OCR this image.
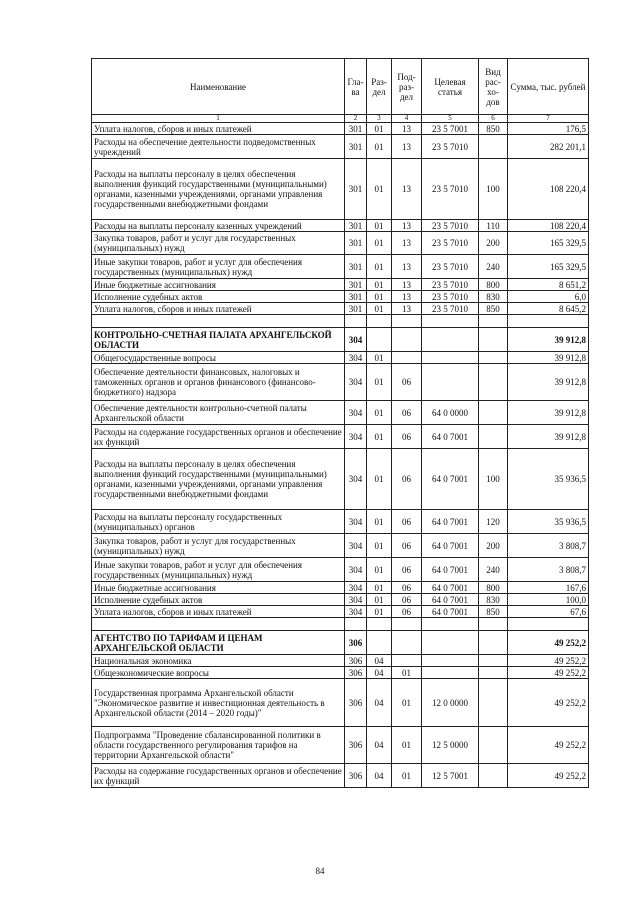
Наименование	Гла-ва	Раз-дел	Под-раз-дел	Целевая статья	Вид рас-хо-дов	Сумма, тыс. рублей
1	2	3	4	5	6	7
Уплата налогов, сборов и иных платежей	301	01	13	23 5 7001	850	176,5
Расходы на обеспечение деятельности подведомственных учреждений	301	01	13	23 5 7010		282 201,1
Расходы на выплаты персоналу в целях обеспечения выполнения функций государственными (муниципальными) органами, казенными учреждениями, органами управления государственными внебюджетными фондами	301	01	13	23 5 7010	100	108 220,4
Расходы на выплаты персоналу казенных учреждений	301	01	13	23 5 7010	110	108 220,4
Закупка товаров, работ и услуг для государственных (муниципальных) нужд	301	01	13	23 5 7010	200	165 329,5
Иные закупки товаров, работ и услуг для обеспечения государственных (муниципальных) нужд	301	01	13	23 5 7010	240	165 329,5
Иные бюджетные ассигнования	301	01	13	23 5 7010	800	8 651,2
Исполнение судебных актов	301	01	13	23 5 7010	830	6,0
Уплата налогов, сборов и иных платежей	301	01	13	23 5 7010	850	8 645,2

КОНТРОЛЬНО-СЧЕТНАЯ ПАЛАТА АРХАНГЕЛЬСКОЙ ОБЛАСТИ	304					39 912,8
Общегосударственные вопросы	304	01				39 912,8
Обеспечение деятельности финансовых, налоговых и таможенных органов и органов финансового (финансово-бюджетного) надзора	304	01	06			39 912,8
Обеспечение деятельности контрольно-счетной палаты Архангельской области	304	01	06	64 0 0000		39 912,8
Расходы на содержание государственных органов и обеспечение их функций	304	01	06	64 0 7001		39 912,8
Расходы на выплаты персоналу в целях обеспечения выполнения функций государственными (муниципальными) органами, казенными учреждениями, органами управления государственными внебюджетными фондами	304	01	06	64 0 7001	100	35 936,5
Расходы на выплаты персоналу государственных (муниципальных) органов	304	01	06	64 0 7001	120	35 936,5
Закупка товаров, работ и услуг для государственных (муниципальных) нужд	304	01	06	64 0 7001	200	3 808,7
Иные закупки товаров, работ и услуг для обеспечения государственных (муниципальных) нужд	304	01	06	64 0 7001	240	3 808,7
Иные бюджетные ассигнования	304	01	06	64 0 7001	800	167,6
Исполнение судебных актов	304	01	06	64 0 7001	830	100,0
Уплата налогов, сборов и иных платежей	304	01	06	64 0 7001	850	67,6

АГЕНТСТВО ПО ТАРИФАМ И ЦЕНАМ АРХАНГЕЛЬСКОЙ ОБЛАСТИ	306					49 252,2
Национальная экономика	306	04				49 252,2
Общеэкономические вопросы	306	04	01			49 252,2
Государственная программа Архангельской области "Экономическое развитие и инвестиционная деятельность в Архангельской области (2014 – 2020 годы)"	306	04	01	12 0 0000		49 252,2
Подпрограмма "Проведение сбалансированной политики в области государственного регулирования тарифов на территории Архангельской области"	306	04	01	12 5 0000		49 252,2
Расходы на содержание государственных органов и обеспечение их функций	306	04	01	12 5 7001		49 252,2
84
